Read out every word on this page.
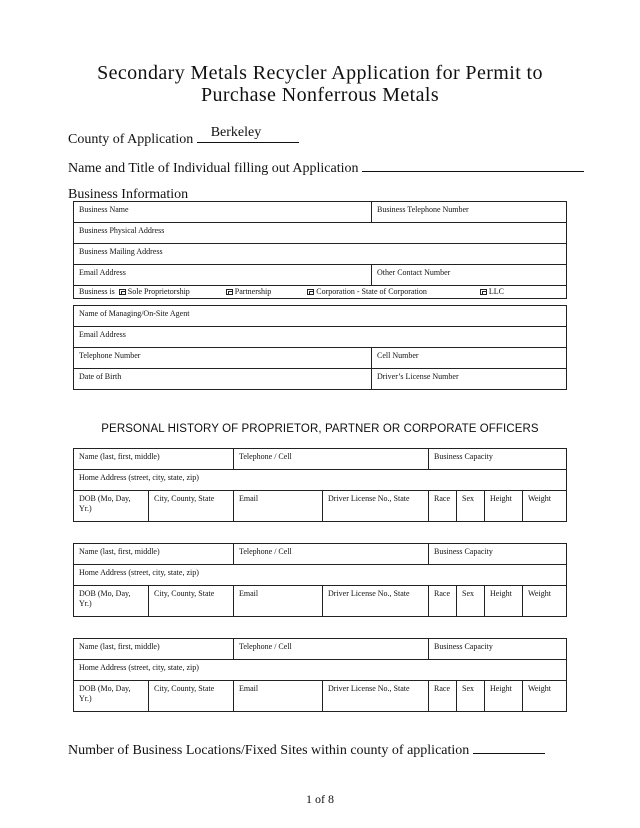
Secondary Metals Recycler Application for Permit to
Purchase Nonferrous Metals
County of Application Berkeley
Name and Title of Individual filling out Application
Business Information
Business Name	Business Telephone Number
Business Physical Address	
Business Mailing Address	
Email Address	Other Contact Number
Business is Sole Proprietorship Partnership Corporation - State of Corporation LLC	
Name of Managing/On-Site Agent	
Email Address	
Telephone Number	Cell Number
Date of Birth	Driver’s License Number
PERSONAL HISTORY OF PROPRIETOR, PARTNER OR CORPORATE OFFICERS
Name (last, first, middle)		Telephone / Cell		Business Capacity			
Home Address (street, city, state, zip)							
DOB (Mo, Day, Yr.)	City, County, State	Email	Driver License No., State	Race	Sex	Height	Weight
Name (last, first, middle)		Telephone / Cell		Business Capacity			
Home Address (street, city, state, zip)							
DOB (Mo, Day, Yr.)	City, County, State	Email	Driver License No., State	Race	Sex	Height	Weight
Name (last, first, middle)		Telephone / Cell		Business Capacity			
Home Address (street, city, state, zip)							
DOB (Mo, Day, Yr.)	City, County, State	Email	Driver License No., State	Race	Sex	Height	Weight
Number of Business Locations/Fixed Sites within county of application
1 of 8
